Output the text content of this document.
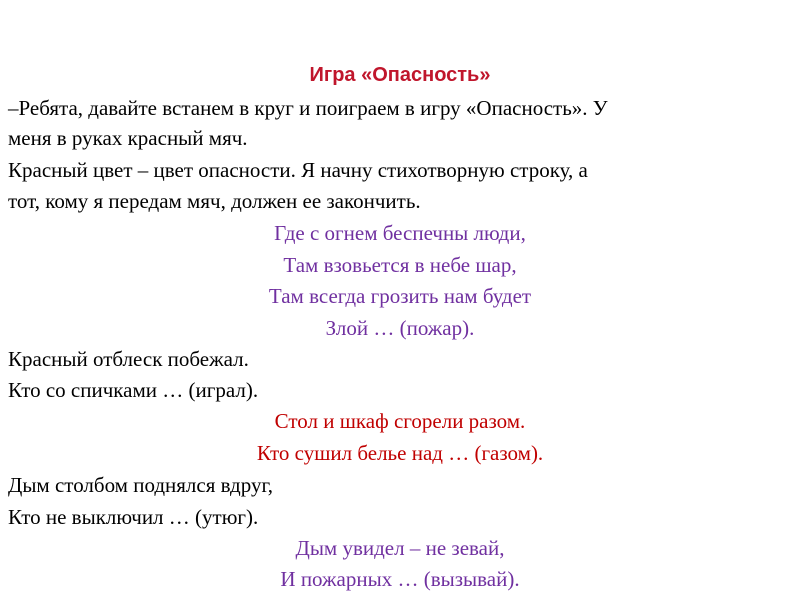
Игра «Опасность»
–Ребята, давайте встанем в круг и поиграем в игру «Опасность». У
меня в руках красный мяч.
Красный цвет – цвет опасности. Я начну стихотворную строку, а
тот, кому я передам мяч, должен ее закончить.
Где с огнем беспечны люди,
Там взовьется в небе шар,
Там всегда грозить нам будет
Злой … (пожар).
Красный отблеск побежал.
Кто со спичками … (играл).
Стол и шкаф сгорели разом.
Кто сушил белье над … (газом).
Дым столбом поднялся вдруг,
Кто не выключил … (утюг).
Дым увидел – не зевай,
И пожарных … (вызывай).
